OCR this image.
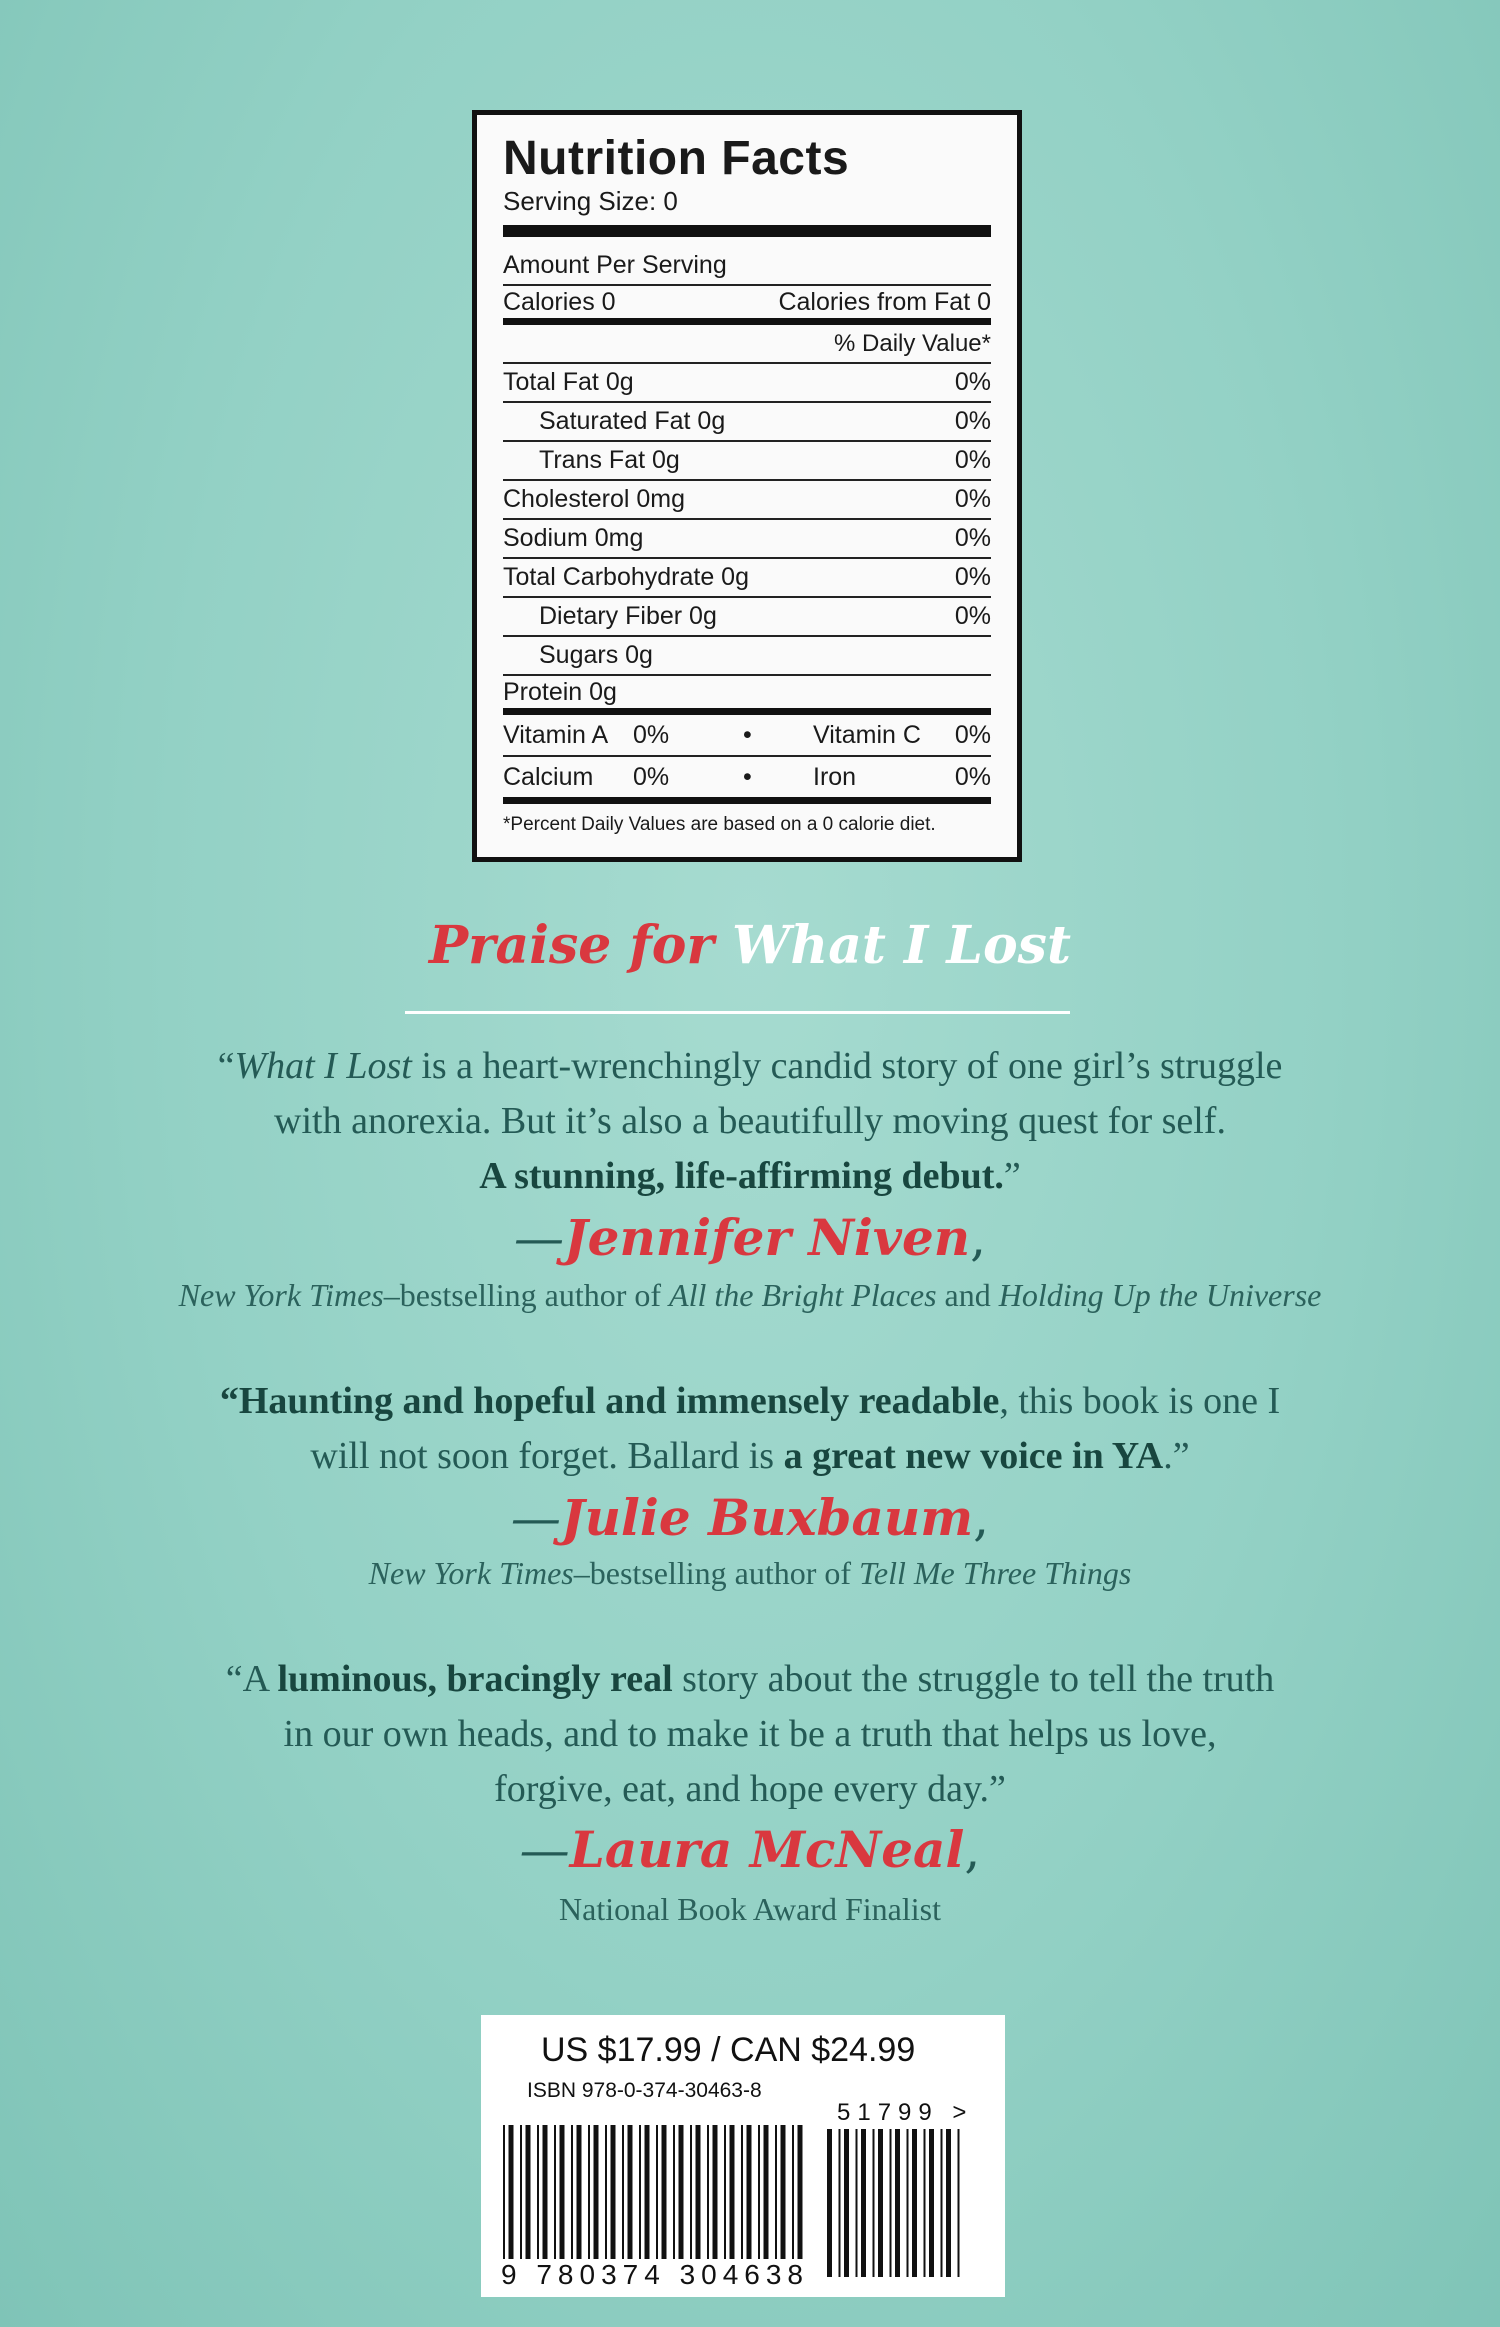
Nutrition Facts
Serving Size: 0
Amount Per Serving
Calories 0	Calories from Fat 0
% Daily Value*
Total Fat 0g	0%
Saturated Fat 0g	0%
Trans Fat 0g	0%
Cholesterol 0mg	0%
Sodium 0mg	0%
Total Carbohydrate 0g	0%
Dietary Fiber 0g	0%
Sugars 0g
Protein 0g
Vitamin A 0%	•	Vitamin C	0%
Calcium	0%	•	Iron	0%
*Percent Daily Values are based on a 0 calorie diet.
Praise for What I Lost
“What I Lost is a heart-wrenchingly candid story of one girl’s struggle
with anorexia. But it’s also a beautifully moving quest for self.
A stunning, life-affirming debut.”
—Jennifer Niven,
New York Times–bestselling author of All the Bright Places and Holding Up the Universe
“Haunting and hopeful and immensely readable, this book is one I
will not soon forget. Ballard is a great new voice in YA.”
—Julie Buxbaum,
New York Times–bestselling author of Tell Me Three Things
“A luminous, bracingly real story about the struggle to tell the truth
in our own heads, and to make it be a truth that helps us love,
forgive, eat, and hope every day.”
—Laura McNeal,
National Book Award Finalist
US $17.99 / CAN $24.99
ISBN 978-0-374-30463-8
51799 >
9 780374 304638
